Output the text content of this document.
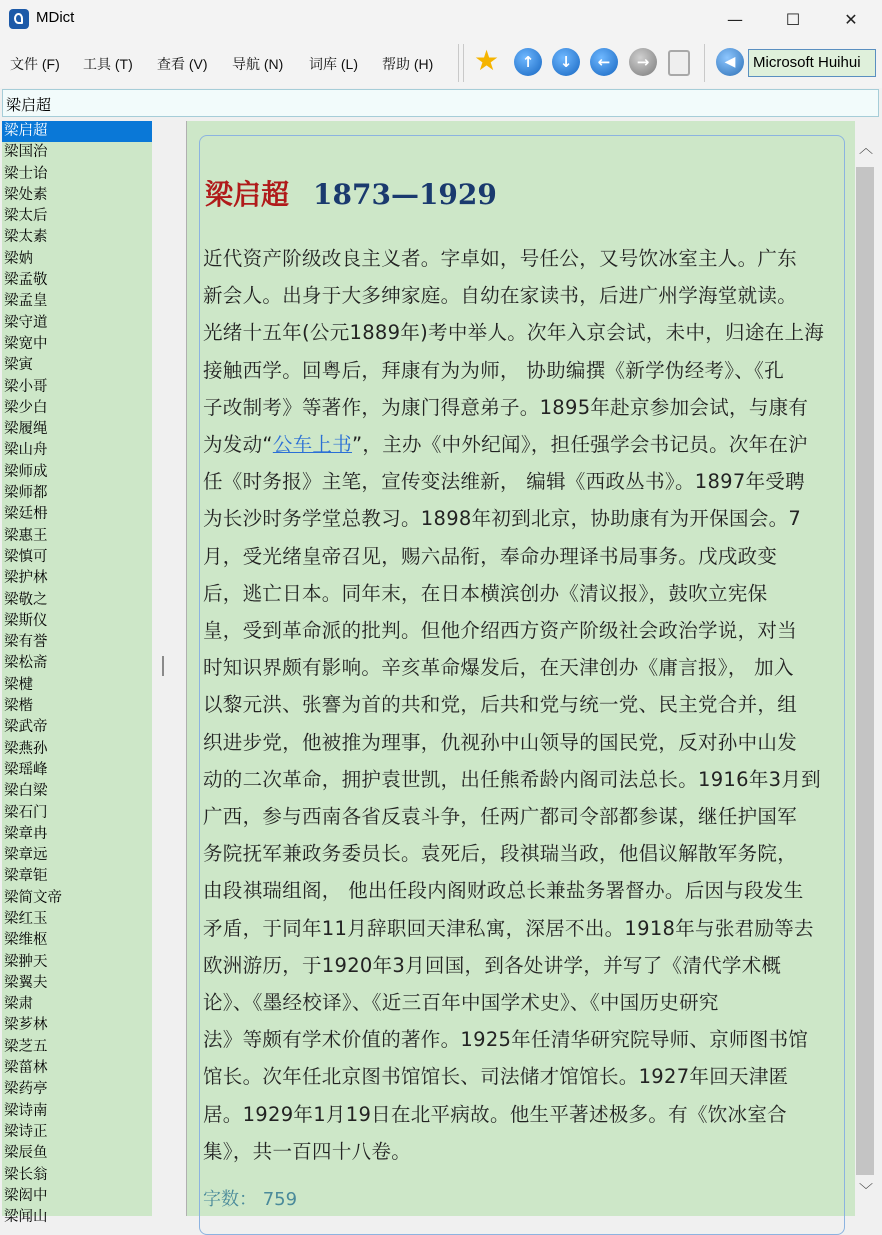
MDict	—	☐	✕
文件 (F) 工具 (T) 查看 (V) 导航 (N) 词库 (L) 帮助 (H) ★	↑	↓	←	→	◀	Microsoft Huihui
梁启超
梁启超
梁国治
梁士诒
梁处素
梁太后
梁太素
梁妠
梁孟敬
梁孟皇
梁守道
梁宽中
梁寅
梁小哥
梁少白
梁履绳
梁山舟
梁师成
梁师都
梁廷枏
梁惠王
梁慎可
梁护林
梁敬之
梁斯仪
梁有誉
梁松斋
梁楗
梁楷
梁武帝
梁燕孙
梁瑶峰
梁白梁
梁石门
梁章冉
梁章远
梁章钜
梁简文帝
梁红玉
梁维枢
梁翀天
梁翼夫
梁肃
梁芗林
梁芝五
梁菑林
梁药亭
梁诗南
梁诗正
梁辰鱼
梁长翁
梁闳中
梁闻山
梁启超 1873—1929

近代资产阶级改良主义者。字卓如，号任公，又号饮冰室主人。广东

新会人。出身于大多绅家庭。自幼在家读书，后进广州学海堂就读。

光绪十五年(公元1889年)考中举人。次年入京会试，未中，归途在上海

接触西学。回粤后，拜康有为为师， 协助编撰《新学伪经考》、《孔

子改制考》等著作，为康门得意弟子。1895年赴京参加会试，与康有

为发动“公车上书”，主办《中外纪闻》，担任强学会书记员。次年在沪

任《时务报》主笔，宣传变法维新， 编辑《西政丛书》。1897年受聘

为长沙时务学堂总教习。1898年初到北京，协助康有为开保国会。7

月，受光绪皇帝召见，赐六品衔，奉命办理译书局事务。戊戌政变

后，逃亡日本。同年末，在日本横滨创办《清议报》，鼓吹立宪保

皇，受到革命派的批判。但他介绍西方资产阶级社会政治学说，对当

时知识界颇有影响。辛亥革命爆发后，在天津创办《庸言报》， 加入

以黎元洪、张謇为首的共和党，后共和党与统一党、民主党合并，组

织进步党，他被推为理事，仇视孙中山领导的国民党，反对孙中山发

动的二次革命，拥护袁世凯，出任熊希龄内阁司法总长。1916年3月到

广西，参与西南各省反袁斗争，任两广都司令部都参谋，继任护国军

务院抚军兼政务委员长。袁死后，段祺瑞当政，他倡议解散军务院，

由段祺瑞组阁， 他出任段内阁财政总长兼盐务署督办。后因与段发生

矛盾，于同年11月辞职回天津私寓，深居不出。1918年与张君励等去

欧洲游历，于1920年3月回国，到各处讲学，并写了《清代学术概

论》、《墨经校译》、《近三百年中国学术史》、《中国历史研究

法》等颇有学术价值的著作。1925年任清华研究院导师、京师图书馆

馆长。次年任北京图书馆馆长、司法储才馆馆长。1927年回天津匿

居。1929年1月19日在北平病故。他生平著述极多。有《饮冰室合

集》，共一百四十八卷。

字数： 759
︿
﹀
